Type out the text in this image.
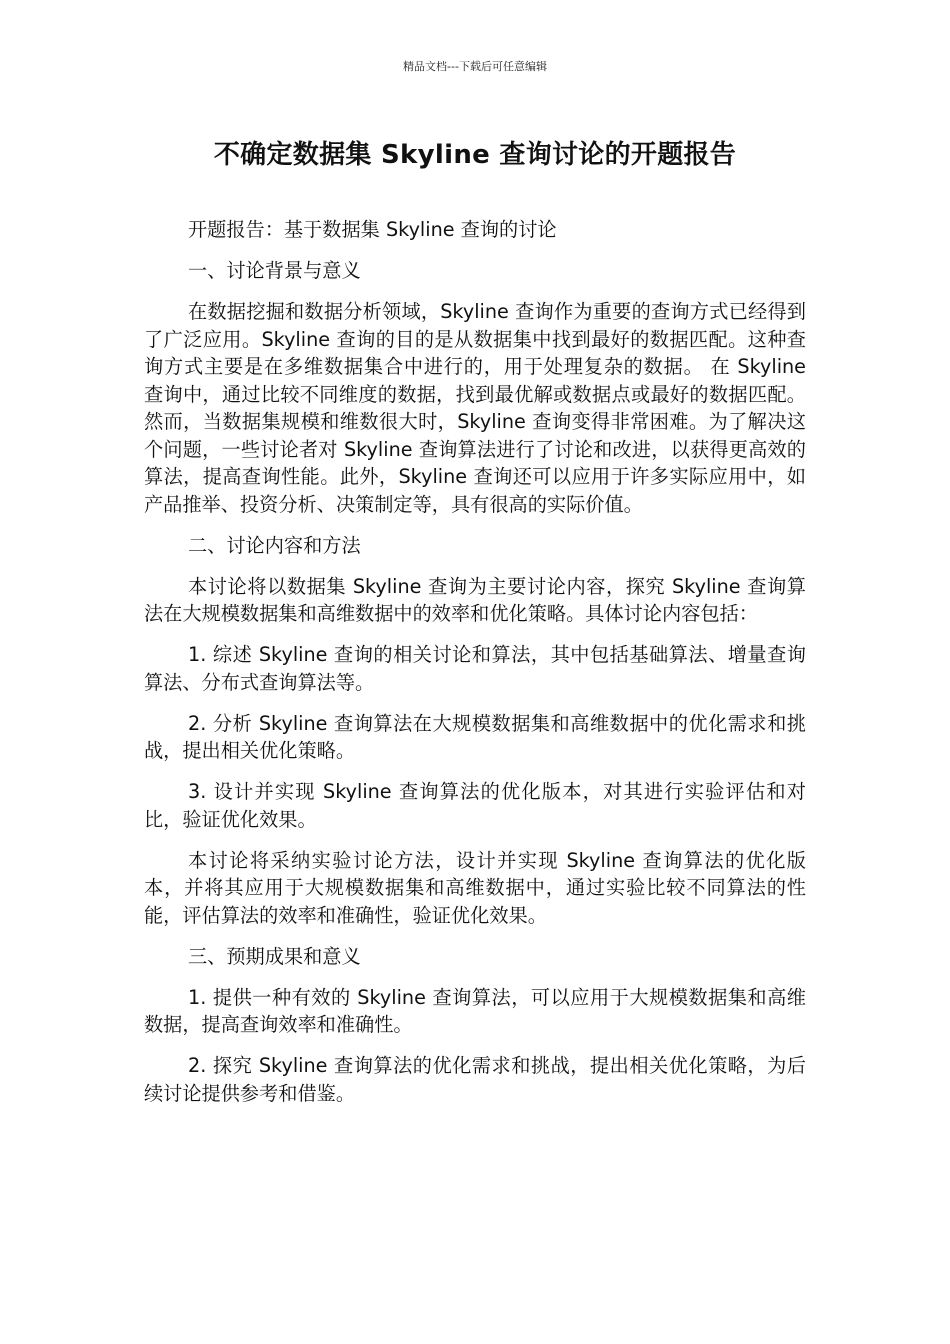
精品文档---下载后可任意编辑
不确定数据集 Skyline 查询讨论的开题报告

开题报告：基于数据集 Skyline 查询的讨论

一、讨论背景与意义

在数据挖掘和数据分析领域，Skyline 查询作为重要的查询方式已经得到了广泛应用。Skyline 查询的目的是从数据集中找到最好的数据匹配。这种查询方式主要是在多维数据集合中进行的，用于处理复杂的数据。 在 Skyline 查询中，通过比较不同维度的数据，找到最优解或数据点或最好的数据匹配。然而，当数据集规模和维数很大时，Skyline 查询变得非常困难。为了解决这个问题，一些讨论者对 Skyline 查询算法进行了讨论和改进，以获得更高效的算法，提高查询性能。此外，Skyline 查询还可以应用于许多实际应用中，如产品推举、投资分析、决策制定等，具有很高的实际价值。

二、讨论内容和方法

本讨论将以数据集 Skyline 查询为主要讨论内容，探究 Skyline 查询算法在大规模数据集和高维数据中的效率和优化策略。具体讨论内容包括：

1. 综述 Skyline 查询的相关讨论和算法，其中包括基础算法、增量查询算法、分布式查询算法等。

2. 分析 Skyline 查询算法在大规模数据集和高维数据中的优化需求和挑战，提出相关优化策略。

3. 设计并实现 Skyline 查询算法的优化版本，对其进行实验评估和对比，验证优化效果。

本讨论将采纳实验讨论方法，设计并实现 Skyline 查询算法的优化版本，并将其应用于大规模数据集和高维数据中，通过实验比较不同算法的性能，评估算法的效率和准确性，验证优化效果。

三、预期成果和意义

1. 提供一种有效的 Skyline 查询算法，可以应用于大规模数据集和高维数据，提高查询效率和准确性。

2. 探究 Skyline 查询算法的优化需求和挑战，提出相关优化策略，为后续讨论提供参考和借鉴。
